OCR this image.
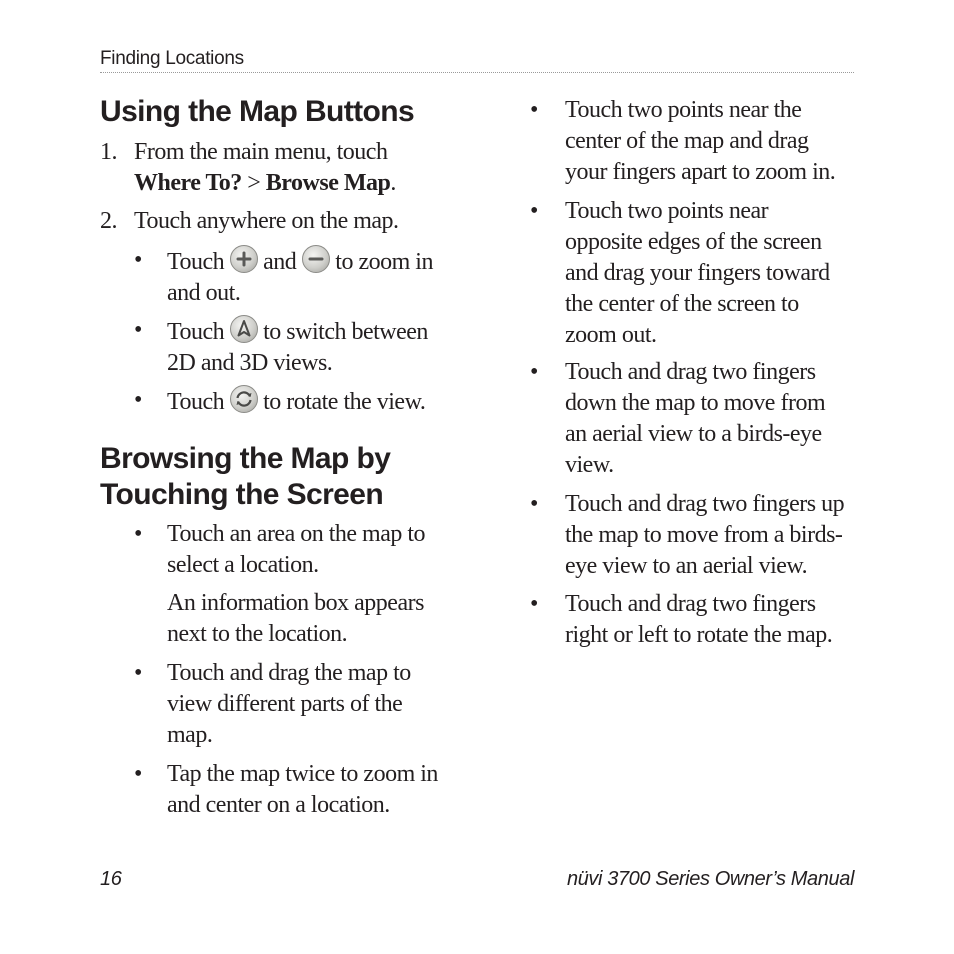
Finding Locations
Using the Map Buttons
1. From the main menu, touch
Where To? > Browse Map.
2. Touch anywhere on the map.
• Touch
and
to zoom in
and out.
• Touch
to switch between
2D and 3D views.
• Touch
to rotate the view.
Browsing the Map by
Touching the Screen
• Touch an area on the map to
select a location.
An information box appears
next to the location.
• Touch and drag the map to
view different parts of the
map.
• Tap the map twice to zoom in
and center on a location.
• Touch two points near the
center of the map and drag
your fingers apart to zoom in.
• Touch two points near
opposite edges of the screen
and drag your fingers toward
the center of the screen to
zoom out.
• Touch and drag two fingers
down the map to move from
an aerial view to a birds-eye
view.
• Touch and drag two fingers up
the map to move from a birds-
eye view to an aerial view.
• Touch and drag two fingers
right or left to rotate the map.
16	nüvi 3700 Series Owner’s Manual
